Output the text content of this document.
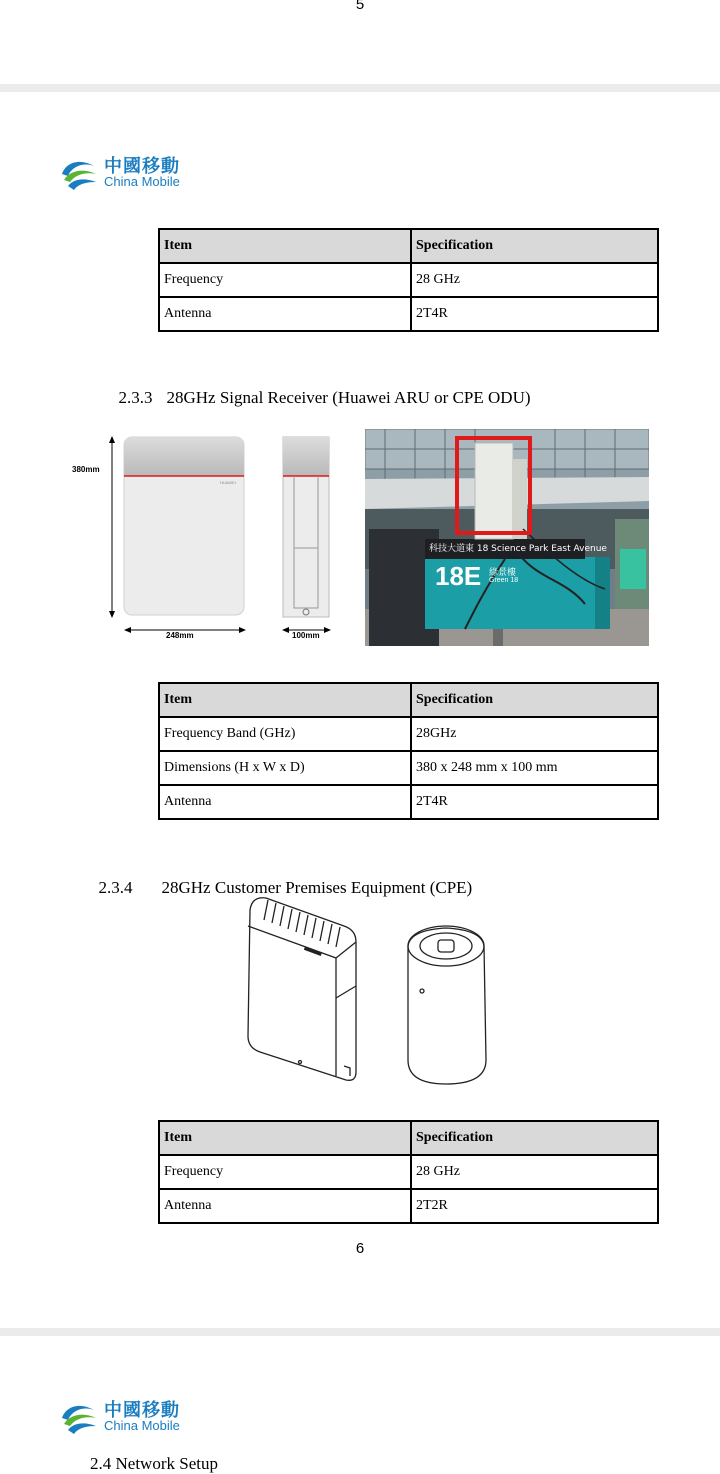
5
中國移動
China Mobile
Item	Specification
Frequency	28 GHz
Antenna	2T4R

2.3.3 28GHz Signal Receiver (Huawei ARU or CPE ODU)

380mm
248mm	100mm
HUAWEI
科技大道東 18 Science Park East Avenue
18E 綠景樓
Green 18
Item	Specification
Frequency Band (GHz)	28GHz
Dimensions (H x W x D)	380 x 248 mm x 100 mm
Antenna	2T4R

2.3.4 28GHz Customer Premises Equipment (CPE)

Item	Specification
Frequency	28 GHz
Antenna	2T2R
6
中國移動
China Mobile
2.4 Network Setup
